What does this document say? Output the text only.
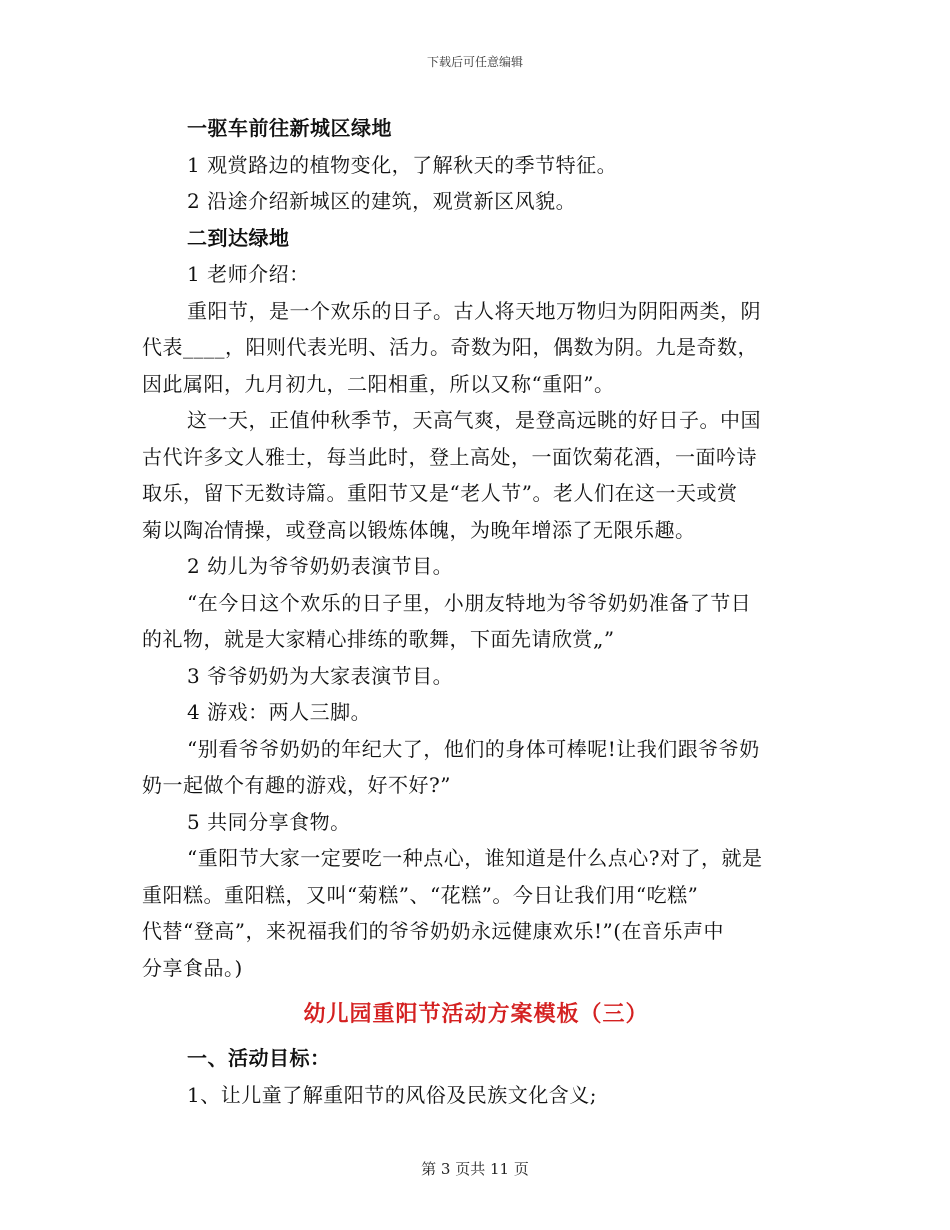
下载后可任意编辑
一驱车前往新城区绿地
1 观赏路边的植物变化，了解秋天的季节特征。
2 沿途介绍新城区的建筑，观赏新区风貌。
二到达绿地
1 老师介绍：
重阳节，是一个欢乐的日子。古人将天地万物归为阴阳两类，阴
代表____，阳则代表光明、活力。奇数为阳，偶数为阴。九是奇数，
因此属阳，九月初九，二阳相重，所以又称“重阳”。
这一天，正值仲秋季节，天高气爽，是登高远眺的好日子。中国
古代许多文人雅士，每当此时，登上高处，一面饮菊花酒，一面吟诗
取乐，留下无数诗篇。重阳节又是“老人节”。老人们在这一天或赏
菊以陶冶情操，或登高以锻炼体魄，为晚年增添了无限乐趣。
2 幼儿为爷爷奶奶表演节目。
“在今日这个欢乐的日子里，小朋友特地为爷爷奶奶准备了节日
的礼物，就是大家精心排练的歌舞，下面先请欣赏„”
3 爷爷奶奶为大家表演节目。
4 游戏：两人三脚。
“别看爷爷奶奶的年纪大了，他们的身体可棒呢!让我们跟爷爷奶
奶一起做个有趣的游戏，好不好?”
5 共同分享食物。
“重阳节大家一定要吃一种点心，谁知道是什么点心?对了，就是
重阳糕。重阳糕，又叫“菊糕”、“花糕”。今日让我们用“吃糕”
代替“登高”，来祝福我们的爷爷奶奶永远健康欢乐!”(在音乐声中
分享食品。)
幼儿园重阳节活动方案模板（三）
一、活动目标：
1、让儿童了解重阳节的风俗及民族文化含义;
第 3 页共 11 页
